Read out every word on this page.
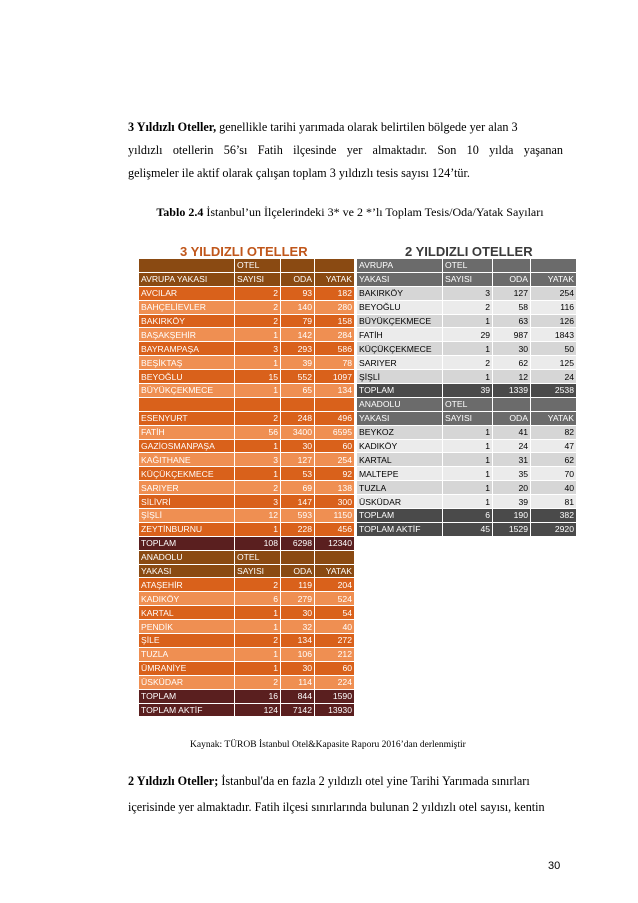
3 Yıldızlı Oteller, genellikle tarihi yarımada olarak belirtilen bölgede yer alan 3
yıldızlı otellerin 56’sı Fatih ilçesinde yer almaktadır. Son 10 yılda yaşanan
gelişmeler ile aktif olarak çalışan toplam 3 yıldızlı tesis sayısı 124’tür.
Tablo 2.4 İstanbul’un İlçelerindeki 3* ve 2 *’lı Toplam Tesis/Oda/Yatak Sayıları
3 YILDIZLI OTELLER	2 YILDIZLI OTELLER
	OTEL		
AVRUPA YAKASI	SAYISI	ODA	YATAK
AVCILAR	2	93	182
BAHÇELİEVLER	2	140	280
BAKIRKÖY	2	79	158
BAŞAKŞEHİR	1	142	284
BAYRAMPAŞA	3	293	586
BEŞİKTAŞ	1	39	78
BEYOĞLU	15	552	1097
BÜYÜKÇEKMECE	1	65	134

ESENYURT	2	248	496
FATİH	56	3400	6595
GAZİOSMANPAŞA	1	30	60
KAĞITHANE	3	127	254
KÜÇÜKÇEKMECE	1	53	92
SARIYER	2	69	138
SİLİVRİ	3	147	300
ŞİŞLİ	12	593	1150
ZEYTİNBURNU	1	228	456
TOPLAM	108	6298	12340
ANADOLU	OTEL		
YAKASI	SAYISI	ODA	YATAK
ATAŞEHİR	2	119	204
KADIKÖY	6	279	524
KARTAL	1	30	54
PENDİK	1	32	40
ŞİLE	2	134	272
TUZLA	1	106	212
ÜMRANİYE	1	30	60
ÜSKÜDAR	2	114	224
TOPLAM	16	844	1590
TOPLAM AKTİF	124	7142	13930
AVRUPA	OTEL		
YAKASI	SAYISI	ODA	YATAK
BAKIRKÖY	3	127	254
BEYOĞLU	2	58	116
BÜYÜKÇEKMECE	1	63	126
FATİH	29	987	1843
KÜÇÜKÇEKMECE	1	30	50
SARIYER	2	62	125
ŞİŞLİ	1	12	24
TOPLAM	39	1339	2538
ANADOLU	OTEL		
YAKASI	SAYISI	ODA	YATAK
BEYKOZ	1	41	82
KADIKÖY	1	24	47
KARTAL	1	31	62
MALTEPE	1	35	70
TUZLA	1	20	40
ÜSKÜDAR	1	39	81
TOPLAM	6	190	382
TOPLAM AKTİF	45	1529	2920
Kaynak: TÜROB İstanbul Otel&Kapasite Raporu 2016’dan derlenmiştir
2 Yıldızlı Oteller; İstanbul'da en fazla 2 yıldızlı otel yine Tarihi Yarımada sınırları
içerisinde yer almaktadır. Fatih ilçesi sınırlarında bulunan 2 yıldızlı otel sayısı, kentin
30
